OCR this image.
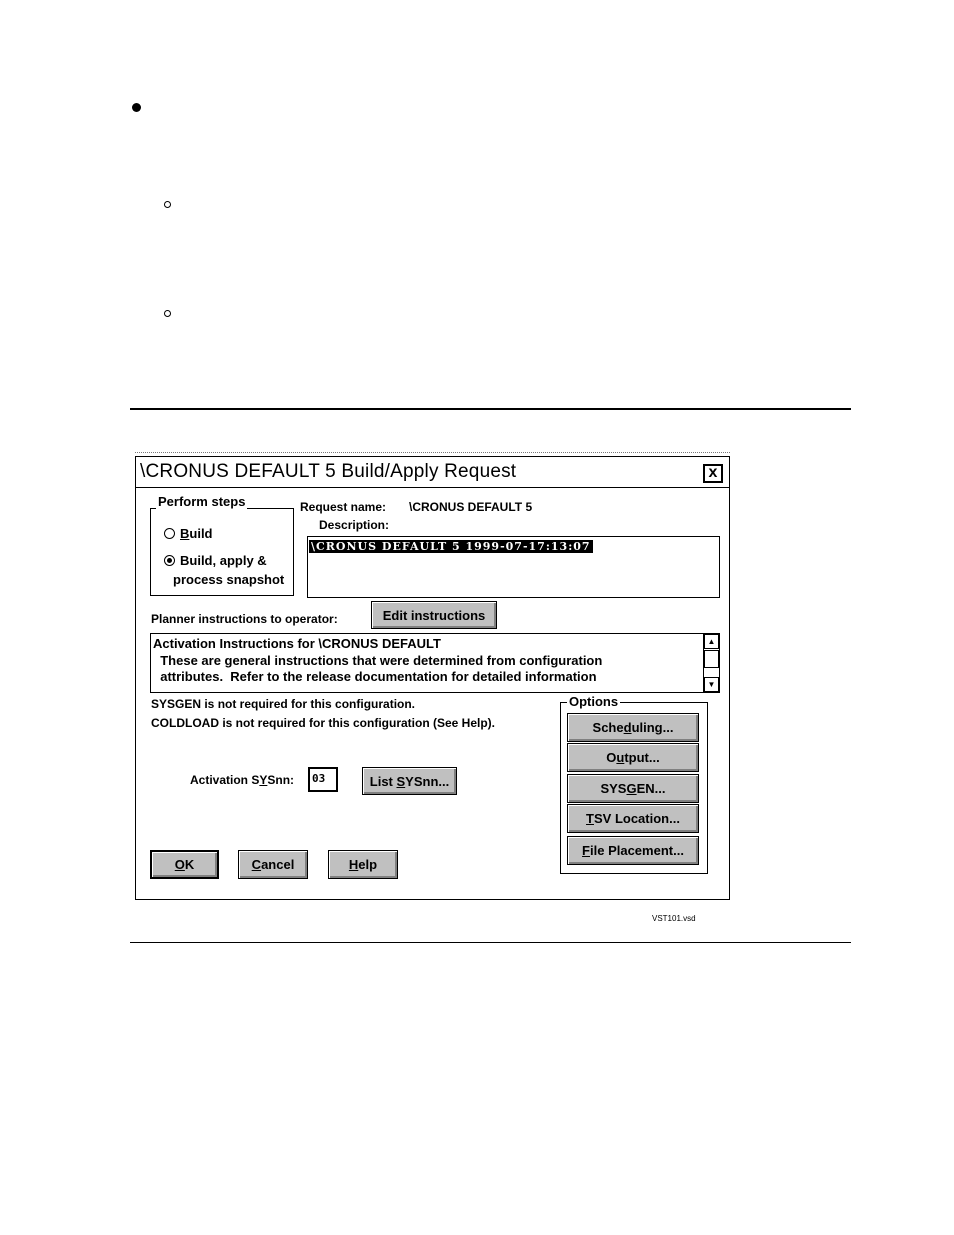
\CRONUS DEFAULT 5 Build/Apply Request	x
Perform steps
Build
Build, apply &
process snapshot
Request name: \CRONUS DEFAULT 5
Description:
\CRONUS DEFAULT 5 1999-07-17:13:07
Planner instructions to operator:	Edit instructions
Activation Instructions for \CRONUS DEFAULT
These are general instructions that were determined from configuration
attributes.  Refer to the release documentation for detailed information
▲
▼
SYSGEN is not required for this configuration.
COLDLOAD is not required for this configuration (See Help).
Activation SYSnn: 03	List SYSnn...
Options
Scheduling...
Output...
SYSGEN...
TSV Location...
File Placement...
OK	Cancel	Help
VST101.vsd
